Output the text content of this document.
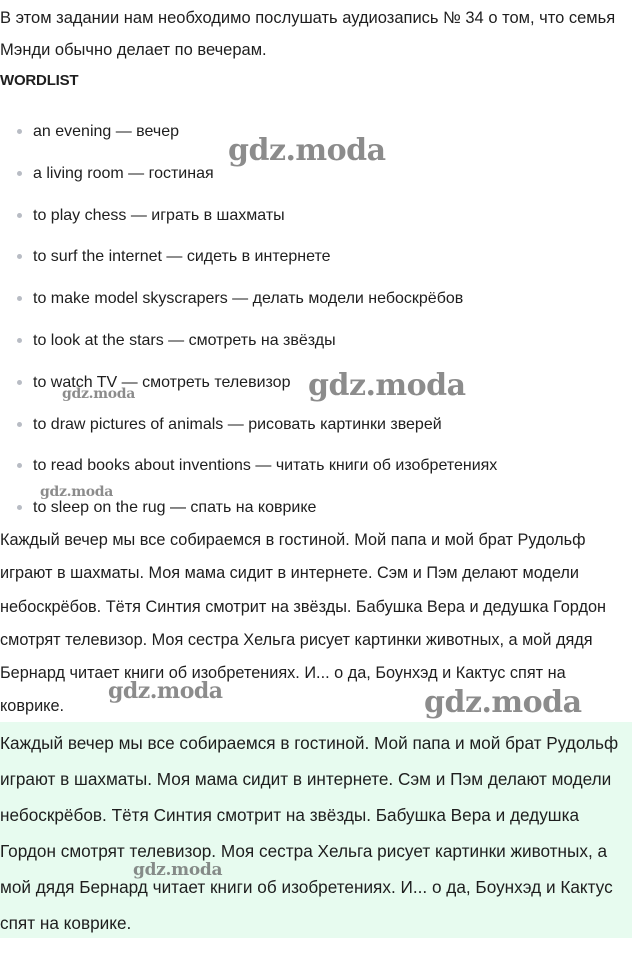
В этом задании нам необходимо послушать аудиозапись № 34 о том, что семья Мэнди обычно делает по вечерам.

WORDLIST
an evening — вечер
a living room — гостиная
to play chess — играть в шахматы
to surf the internet — сидеть в интернете
to make model skyscrapers — делать модели небоскрёбов
to look at the stars — смотреть на звёзды
to watch TV — смотреть телевизор
to draw pictures of animals — рисовать картинки зверей
to read books about inventions — читать книги об изобретениях
to sleep on the rug — спать на коврике

Каждый вечер мы все собираемся в гостиной. Мой папа и мой брат Рудольф играют в шахматы. Моя мама сидит в интернете. Сэм и Пэм делают модели небоскрёбов. Тётя Синтия смотрит на звёзды. Бабушка Вера и дедушка Гордон смотрят телевизор. Моя сестра Хельга рисует картинки животных, а мой дядя Бернард читает книги об изобретениях. И... о да, Боунхэд и Кактус спят на коврике.

Каждый вечер мы все собираемся в гостиной. Мой папа и мой брат Рудольф играют в шахматы. Моя мама сидит в интернете. Сэм и Пэм делают модели небоскрёбов. Тётя Синтия смотрит на звёзды. Бабушка Вера и дедушка Гордон смотрят телевизор. Моя сестра Хельга рисует картинки животных, а мой дядя Бернард читает книги об изобретениях. И... о да, Боунхэд и Кактус спят на коврике.
gdz.moda
gdz.moda
gdz.moda
gdz.moda
gdz.moda
gdz.moda
gdz.moda
